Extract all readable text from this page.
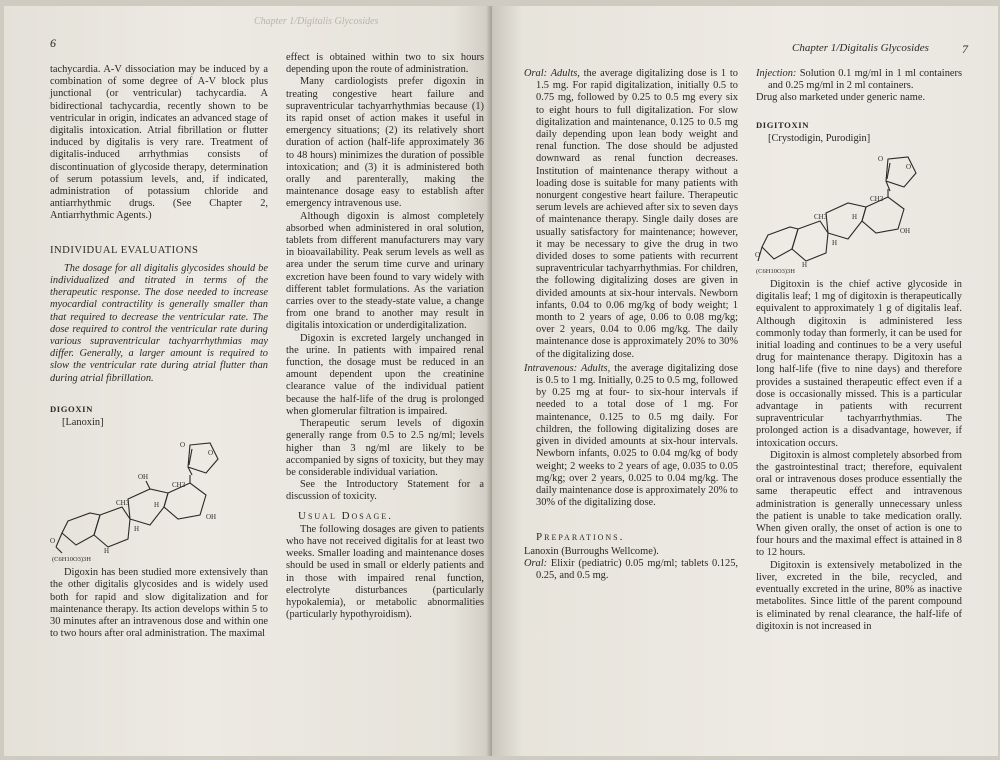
6
Chapter 1/Digitalis Glycosides

tachycardia. A-V dissociation may be induced by a combination of some degree of A-V block plus junctional (or ventricular) tachycardia. A bidirectional tachycardia, recently shown to be ventricular in origin, indicates an advanced stage of digitalis intoxication. Atrial fibrillation or flutter induced by digitalis is very rare. Treatment of digitalis-induced arrhythmias consists of discontinuation of glycoside therapy, determination of serum potassium levels, and, if indicated, administration of potassium chloride and antiarrhythmic drugs. (See Chapter 2, Antiarrhythmic Agents.)

INDIVIDUAL EVALUATIONS

The dosage for all digitalis glycosides should be individualized and titrated in terms of the therapeutic response. The dose needed to increase myocardial contractility is generally smaller than that required to decrease the ventricular rate. The dose required to control the ventricular rate during various supraventricular tachyarrhythmias may differ. Generally, a larger amount is required to slow the ventricular rate during atrial flutter than during atrial fibrillation.

DIGOXIN
[Lanoxin]
O
O
OH
CH3
CH3	H
H
OH
H
O
(C6H10O3)3H

Digoxin has been studied more extensively than the other digitalis glycosides and is widely used both for rapid and slow digitalization and for maintenance therapy. Its action develops within 5 to 30 minutes after an intravenous dose and within one to two hours after oral administration. The maximal

effect is obtained within two to six hours depending upon the route of administration.

Many cardiologists prefer digoxin in treating congestive heart failure and supraventricular tachyarrhythmias because (1) its rapid onset of action makes it useful in emergency situations; (2) its relatively short duration of action (half-life approximately 36 to 48 hours) minimizes the duration of possible intoxication; and (3) it is administered both orally and parenterally, making the maintenance dosage easy to establish after emergency intravenous use.

Although digoxin is almost completely absorbed when administered in oral solution, tablets from different manufacturers may vary in bioavailability. Peak serum levels as well as area under the serum time curve and urinary excretion have been found to vary widely with different tablet formulations. As the variation carries over to the steady-state value, a change from one brand to another may result in digitalis intoxication or underdigitalization.

Digoxin is excreted largely unchanged in the urine. In patients with impaired renal function, the dosage must be reduced in an amount dependent upon the creatinine clearance value of the individual patient because the half-life of the drug is prolonged when glomerular filtration is impaired.

Therapeutic serum levels of digoxin generally range from 0.5 to 2.5 ng/ml; levels higher than 3 ng/ml are likely to be accompanied by signs of toxicity, but they may be considerable individual variation.

See the Introductory Statement for a discussion of toxicity.

Usual Dosage.

The following dosages are given to patients who have not received digitalis for at least two weeks. Smaller loading and maintenance doses should be used in small or elderly patients and in those with impaired renal function, electrolyte disturbances (particularly hypokalemia), or metabolic abnormalities (particularly hypothyroidism).

Chapter 1/Digitalis Glycosides	7

Oral: Adults, the average digitalizing dose is 1 to 1.5 mg. For rapid digitalization, initially 0.5 to 0.75 mg, followed by 0.25 to 0.5 mg every six to eight hours to full digitalization. For slow digitalization and maintenance, 0.125 to 0.5 mg daily depending upon lean body weight and renal function. The dose should be adjusted downward as renal function decreases. Institution of maintenance therapy without a loading dose is suitable for many patients with nonurgent congestive heart failure. Therapeutic serum levels are achieved after six to seven days of maintenance therapy. Single daily doses are usually satisfactory for maintenance; however, it may be necessary to give the drug in two divided doses to some patients with recurrent supraventricular tachyarrhythmias. For children, the following digitalizing doses are given in divided amounts at six-hour intervals. Newborn infants, 0.04 to 0.06 mg/kg of body weight; 1 month to 2 years of age, 0.06 to 0.08 mg/kg; over 2 years, 0.04 to 0.06 mg/kg. The daily maintenance dose is approximately 20% to 30% of the digitalizing dose.

Intravenous: Adults, the average digitalizing dose is 0.5 to 1 mg. Initially, 0.25 to 0.5 mg, followed by 0.25 mg at four- to six-hour intervals if needed to a total dose of 1 mg. For maintenance, 0.125 to 0.5 mg daily. For children, the following digitalizing doses are given in divided amounts at six-hour intervals. Newborn infants, 0.025 to 0.04 mg/kg of body weight; 2 weeks to 2 years of age, 0.035 to 0.05 mg/kg; over 2 years, 0.025 to 0.04 mg/kg. The daily maintenance dose is approximately 20% to 30% of the digitalizing dose.

Preparations.

Lanoxin (Burroughs Wellcome).

Oral: Elixir (pediatric) 0.05 mg/ml; tablets 0.125, 0.25, and 0.5 mg.

Injection: Solution 0.1 mg/ml in 1 ml containers and 0.25 mg/ml in 2 ml containers.

Drug also marketed under generic name.

DIGITOXIN
[Crystodigin, Purodigin]
O
O
CH3
CH3	H
H
OH
H
O
(C6H10O3)3H

Digitoxin is the chief active glycoside in digitalis leaf; 1 mg of digitoxin is therapeutically equivalent to approximately 1 g of digitalis leaf. Although digitoxin is administered less commonly today than formerly, it can be used for initial loading and continues to be a very useful drug for maintenance therapy. Digitoxin has a long half-life (five to nine days) and therefore provides a sustained therapeutic effect even if a dose is occasionally missed. This is a particular advantage in patients with recurrent supraventricular tachyarrhythmias. The prolonged action is a disadvantage, however, if intoxication occurs.

Digitoxin is almost completely absorbed from the gastrointestinal tract; therefore, equivalent oral or intravenous doses produce essentially the same therapeutic effect and intravenous administration is generally unnecessary unless the patient is unable to take medication orally. When given orally, the onset of action is one to four hours and the maximal effect is attained in 8 to 12 hours.

Digitoxin is extensively metabolized in the liver, excreted in the bile, recycled, and eventually excreted in the urine, 80% as inactive metabolites. Since little of the parent compound is eliminated by renal clearance, the half-life of digitoxin is not increased in
